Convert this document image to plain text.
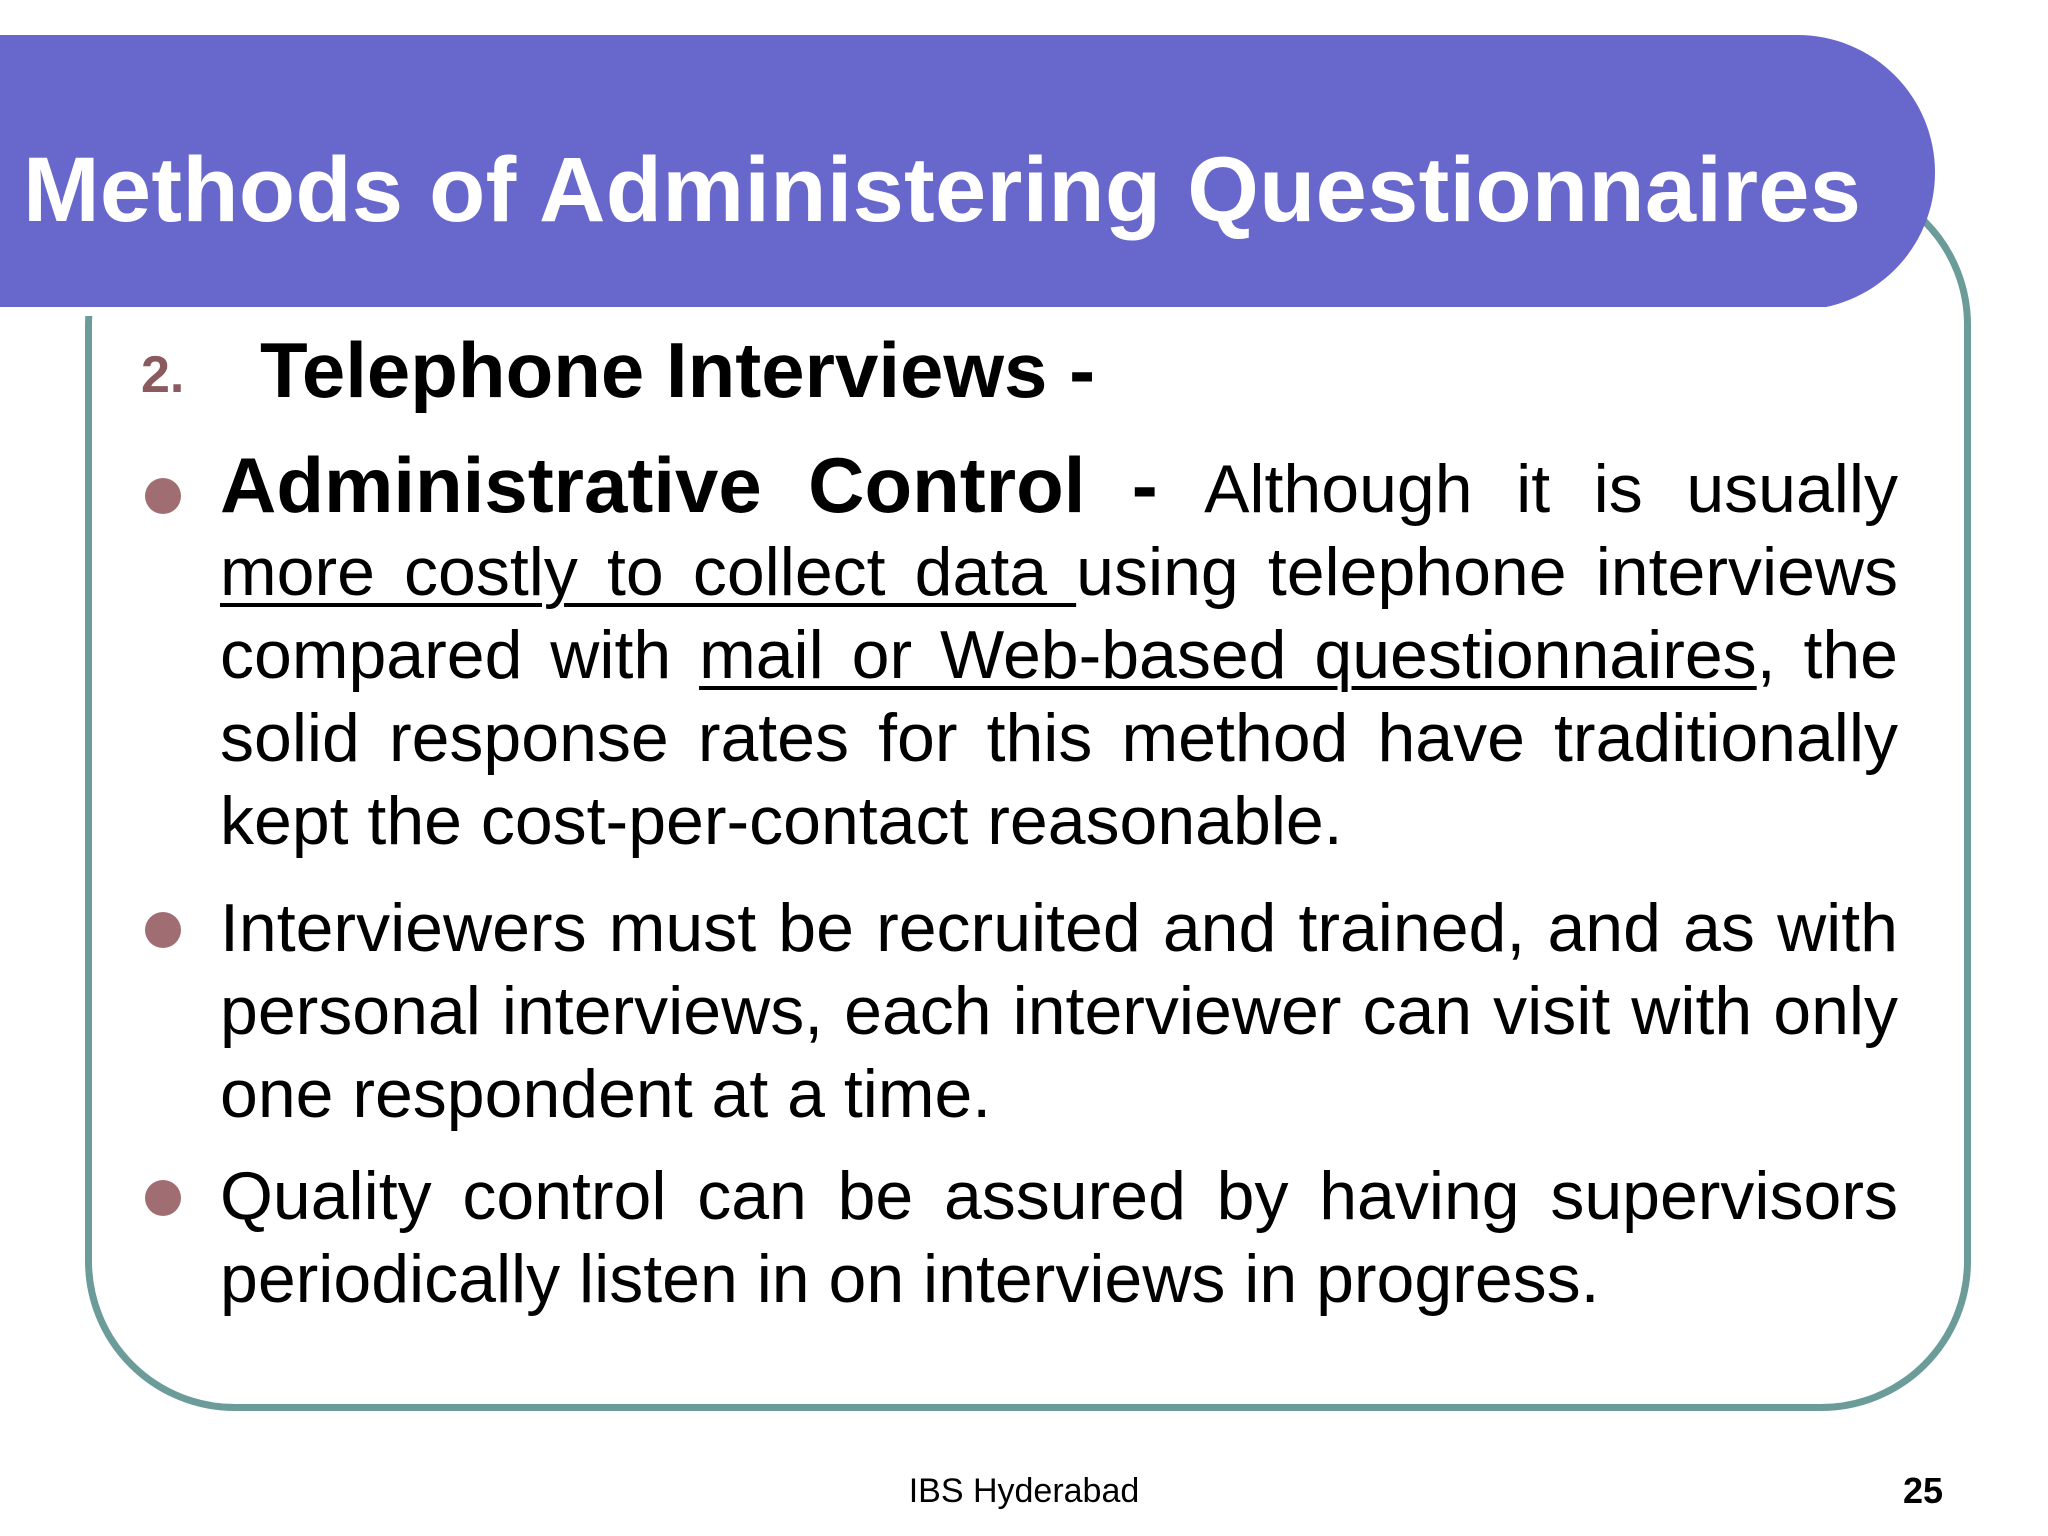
Methods of Administering Questionnaires
2. Telephone Interviews -

Administrative Control - Although it is usually more costly to collect data using telephone interviews compared with mail or Web-based questionnaires, the solid response rates for this method have traditionally kept the cost-per-contact reasonable.

Interviewers must be recruited and trained, and as with personal interviews, each interviewer can visit with only one respondent at a time.

Quality control can be assured by having supervisors periodically listen in on interviews in progress.

IBS Hyderabad	25
